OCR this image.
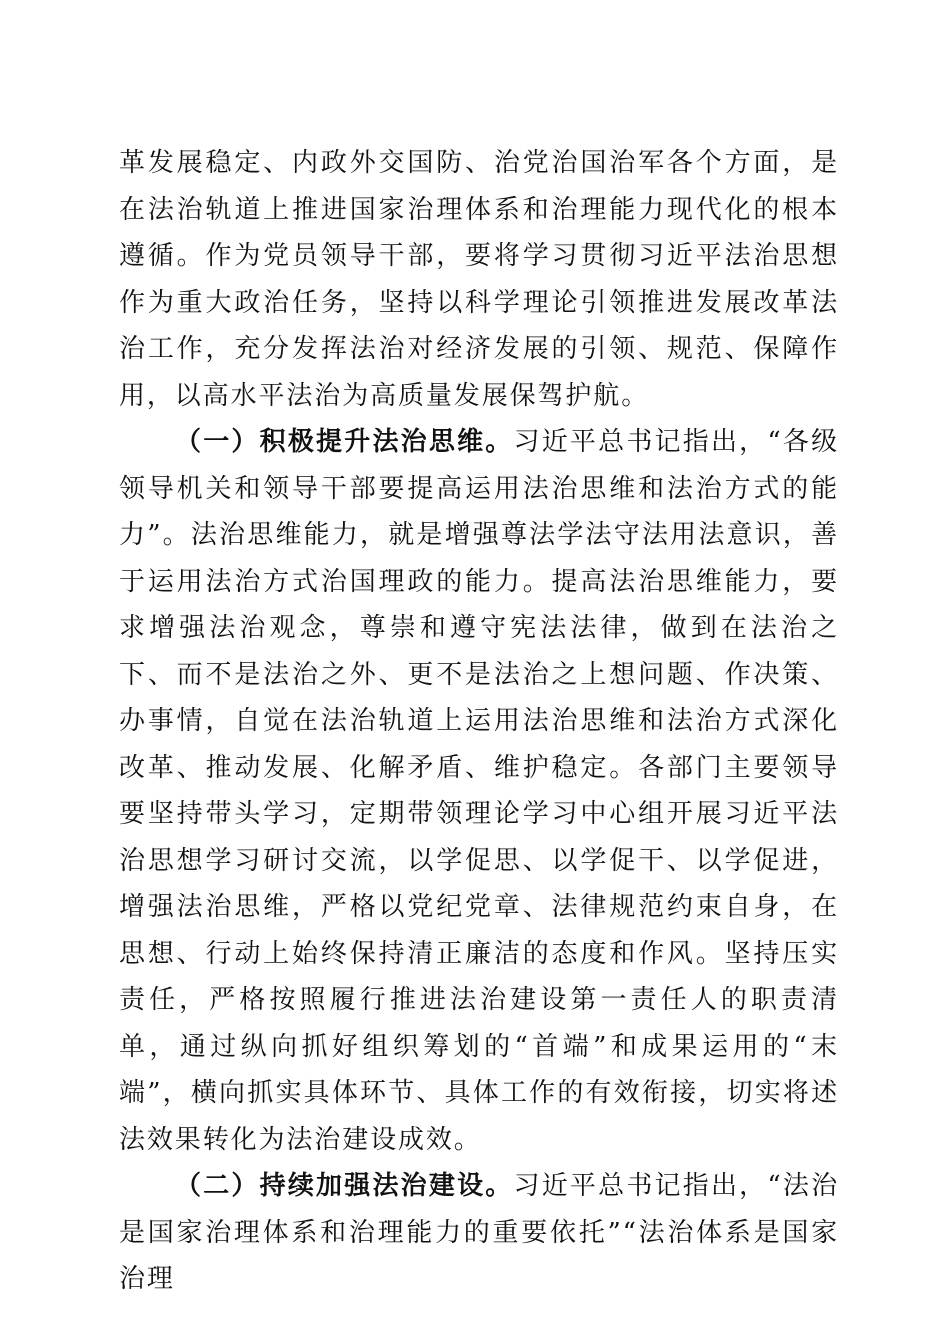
革发展稳定、内政外交国防、治党治国治军各个方面，是在法治轨道上推进国家治理体系和治理能力现代化的根本遵循。作为党员领导干部，要将学习贯彻习近平法治思想作为重大政治任务，坚持以科学理论引领推进发展改革法治工作，充分发挥法治对经济发展的引领、规范、保障作用，以高水平法治为高质量发展保驾护航。

（一）积极提升法治思维。习近平总书记指出，“各级领导机关和领导干部要提高运用法治思维和法治方式的能力”。法治思维能力，就是增强尊法学法守法用法意识，善于运用法治方式治国理政的能力。提高法治思维能力，要求增强法治观念，尊崇和遵守宪法法律，做到在法治之下、而不是法治之外、更不是法治之上想问题、作决策、办事情，自觉在法治轨道上运用法治思维和法治方式深化改革、推动发展、化解矛盾、维护稳定。各部门主要领导要坚持带头学习，定期带领理论学习中心组开展习近平法治思想学习研讨交流，以学促思、以学促干、以学促进，增强法治思维，严格以党纪党章、法律规范约束自身，在思想、行动上始终保持清正廉洁的态度和作风。坚持压实责任，严格按照履行推进法治建设第一责任人的职责清单，通过纵向抓好组织筹划的“首端”和成果运用的“末端”，横向抓实具体环节、具体工作的有效衔接，切实将述法效果转化为法治建设成效。

（二）持续加强法治建设。习近平总书记指出，“法治是国家治理体系和治理能力的重要依托”“法治体系是国家治理
